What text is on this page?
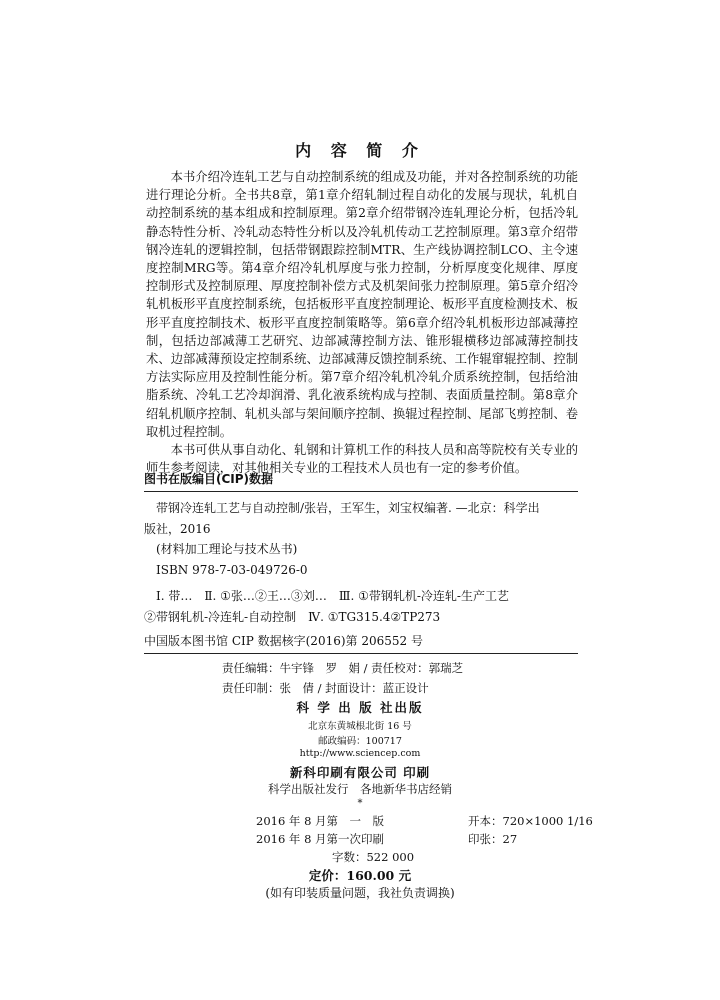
内 容 简 介

本书介绍冷连轧工艺与自动控制系统的组成及功能，并对各控制系统的功能进行理论分析。全书共8章，第1章介绍轧制过程自动化的发展与现状，轧机自动控制系统的基本组成和控制原理。第2章介绍带钢冷连轧理论分析，包括冷轧静态特性分析、冷轧动态特性分析以及冷轧机传动工艺控制原理。第3章介绍带钢冷连轧的逻辑控制，包括带钢跟踪控制MTR、生产线协调控制LCO、主令速度控制MRG等。第4章介绍冷轧机厚度与张力控制，分析厚度变化规律、厚度控制形式及控制原理、厚度控制补偿方式及机架间张力控制原理。第5章介绍冷轧机板形平直度控制系统，包括板形平直度控制理论、板形平直度检测技术、板形平直度控制技术、板形平直度控制策略等。第6章介绍冷轧机板形边部减薄控制，包括边部减薄工艺研究、边部减薄控制方法、锥形辊横移边部减薄控制技术、边部减薄预设定控制系统、边部减薄反馈控制系统、工作辊窜辊控制、控制方法实际应用及控制性能分析。第7章介绍冷轧机冷轧介质系统控制，包括给油脂系统、冷轧工艺冷却润滑、乳化液系统构成与控制、表面质量控制。第8章介绍轧机顺序控制、轧机头部与架间顺序控制、换辊过程控制、尾部飞剪控制、卷取机过程控制。

本书可供从事自动化、轧钢和计算机工作的科技人员和高等院校有关专业的师生参考阅读，对其他相关专业的工程技术人员也有一定的参考价值。

图书在版编目(CIP)数据
带钢冷连轧工艺与自动控制/张岩，王军生，刘宝权编著. —北京：科学出
版社，2016
(材料加工理论与技术丛书)
ISBN 978-7-03-049726-0
Ⅰ. 带…　Ⅱ. ①张…②王…③刘…　Ⅲ. ①带钢轧机-冷连轧-生产工艺
②带钢轧机-冷连轧-自动控制　Ⅳ. ①TG315.4②TP273
中国版本图书馆 CIP 数据核字(2016)第 206552 号
责任编辑：牛宇锋　罗　娟 / 责任校对：郭瑞芝
责任印制：张　倩 / 封面设计：蓝正设计
科 学 出 版 社出版
北京东黄城根北街 16 号
邮政编码：100717
http://www.sciencep.com
新科印刷有限公司 印刷
科学出版社发行　各地新华书店经销
*
2016 年 8 月第　一　版	开本：720×1000 1/16
2016 年 8 月第一次印刷	印张：27
字数：522 000
定价：160.00 元
(如有印装质量问题，我社负责调换)
